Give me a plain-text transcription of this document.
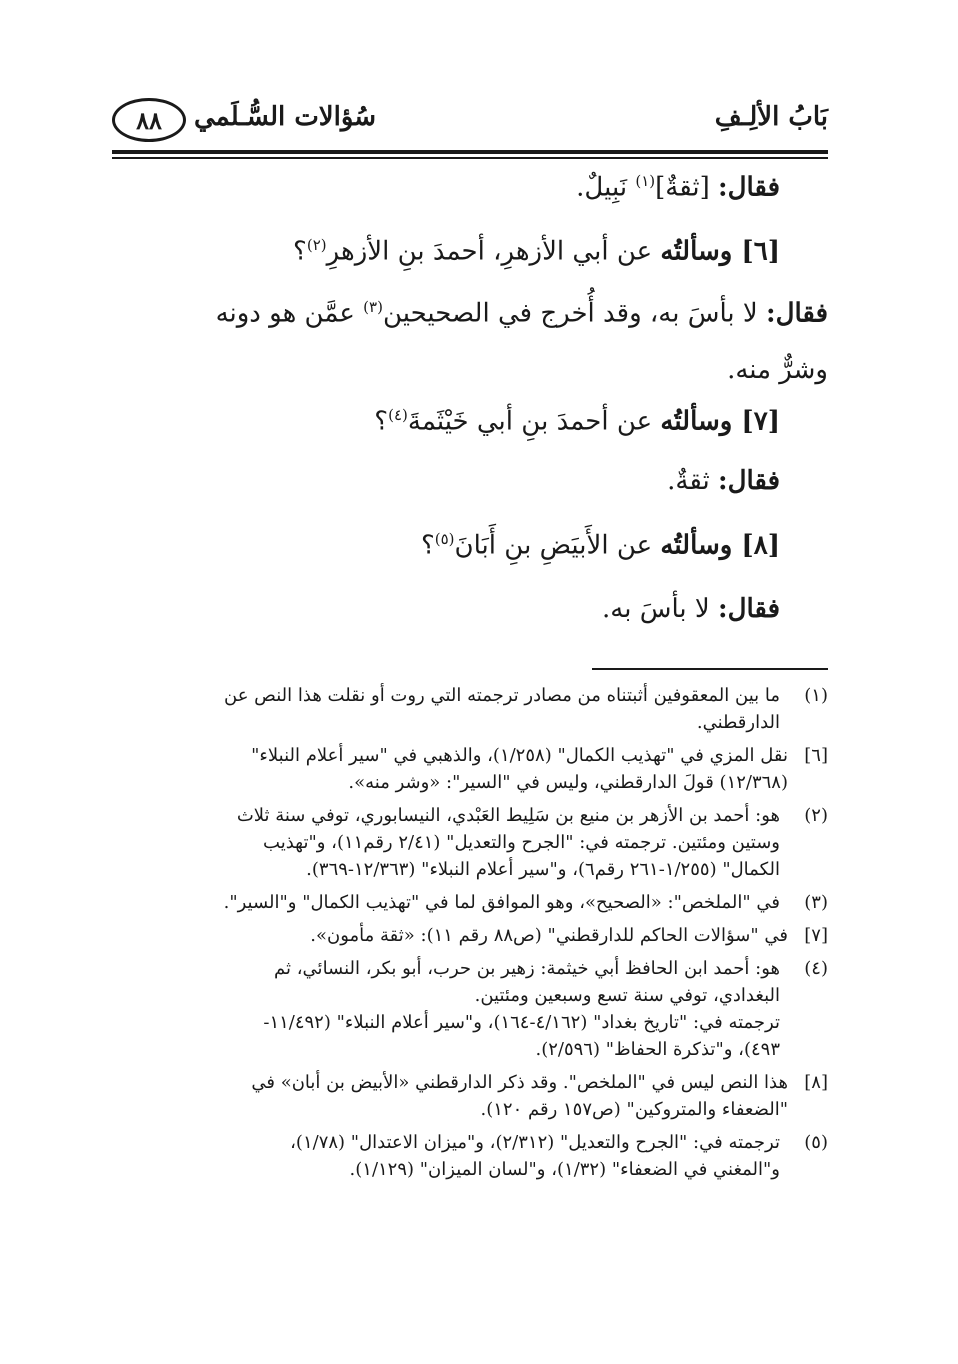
بَابُ الألِـفِ
٨٨ سُؤالات السُّـلَمي
فقال: [ثقةٌ]$^{(١)}$ نَبِيلٌ.
[٦] وسألتُه عن أبي الأزهرِ، أحمدَ بنِ الأزهرِ$^{(٢)}$؟
فقال: لا بأسَ به، وقد أُخرج في الصحيحين$^{(٣)}$ عمَّن هو دونه
وشرٌّ منه.
[٧] وسألتُه عن أحمدَ بنِ أبي خَيْثَمةَ$^{(٤)}$؟
فقال: ثقةٌ.
[٨] وسألتُه عن الأَبيَضِ بنِ أَبَانَ$^{(٥)}$؟
فقال: لا بأسَ به.
(١)
ما بين المعقوفين أثبتناه من مصادر ترجمته التي روت أو نقلت هذا النص عن
الدارقطني.
[٦]
نقل المزي في "تهذيب الكمال" (١/٢٥٨)، والذهبي في "سير أعلام النبلاء"
(١٢/٣٦٨) قولَ الدارقطني، وليس في "السير": «وشر منه».
(٢)
هو: أحمد بن الأزهر بن منيع بن سَلِيط العَبْدي، النيسابوري، توفي سنة ثلاث
وستين ومئتين. ترجمته في: "الجرح والتعديل" (٢/٤١ رقم١١)، و"تهذيب
الكمال" (١/٢٥٥-٢٦١ رقم٦)، و"سير أعلام النبلاء" (١٢/٣٦٣-٣٦٩).
(٣)
في "الملخص": «الصحيح»، وهو الموافق لما في "تهذيب الكمال" و"السير".
[٧]
في "سؤالات الحاكم للدارقطني" (ص٨٨ رقم ١١): «ثقة مأمون».
(٤)
هو: أحمد ابن الحافظ أبي خيثمة: زهير بن حرب، أبو بكر، النسائي، ثم
البغدادي، توفي سنة تسع وسبعين ومئتين.
ترجمته في: "تاريخ بغداد" (٤/١٦٢-١٦٤)، و"سير أعلام النبلاء" (١١/٤٩٢-
٤٩٣)، و"تذكرة الحفاظ" (٢/٥٩٦).
[٨]
هذا النص ليس في "الملخص". وقد ذكر الدارقطني «الأبيض بن أبان» في
"الضعفاء والمتروكين" (ص١٥٧ رقم ١٢٠).
(٥)
ترجمته في: "الجرح والتعديل" (٢/٣١٢)، و"ميزان الاعتدال" (١/٧٨)،
و"المغني في الضعفاء" (١/٣٢)، و"لسان الميزان" (١/١٢٩).
